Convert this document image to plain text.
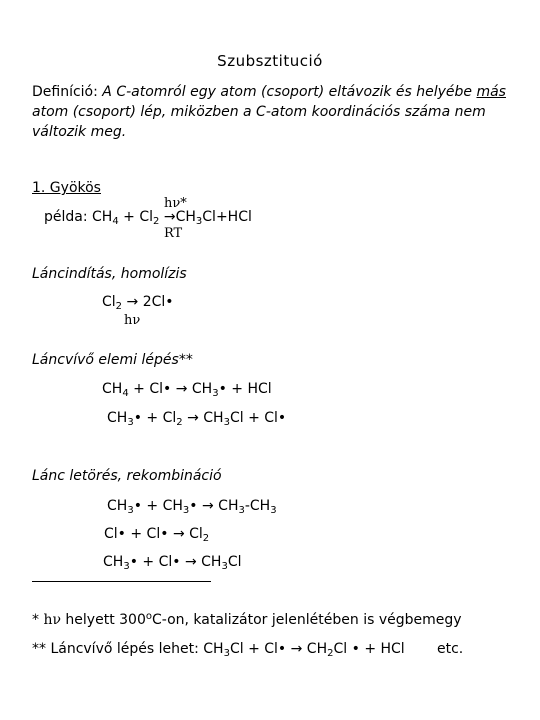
Szubsztitució
Definíció: A C-atomról egy atom (csoport) eltávozik és helyébe más atom (csoport) lép, miközben a C-atom koordinációs száma nem változik meg.
1. Gyökös
hν*
RT
példa: $CH_4 + Cl_2 \to CH_3Cl+HCl$
Láncindítás, homolízis
$Cl_2$ → 2Cl•
hν
Láncvívő elemi lépés**
$CH_4$ + Cl• → $CH_3•$ + HCl
$CH_3• + Cl_2 \to CH_3Cl$ + Cl•
Lánc letörés, rekombináció
$CH_3•$ + $CH_3• \to CH_3-CH_3$
Cl• + Cl• → $Cl_2$
$CH_3•$ + Cl• → $CH_3Cl$
* hν helyett 300$^o$C-on, katalizátor jelenlétében is végbemegy
** Láncvívő lépés lehet: $CH_3Cl$ + Cl• → $CH_2Cl$ • + HCl etc.
